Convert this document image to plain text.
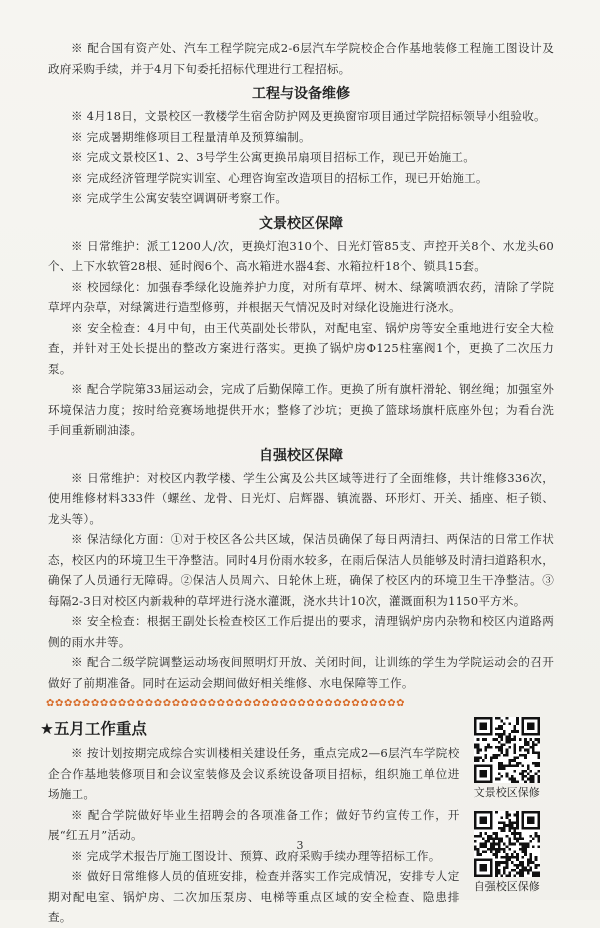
※ 配合国有资产处、汽车工程学院完成2-6层汽车学院校企合作基地装修工程施工图设计及政府采购手续，并于4月下旬委托招标代理进行工程招标。

工程与设备维修

※ 4月18日，文景校区一教楼学生宿舍防护网及更换窗帘项目通过学院招标领导小组验收。

※ 完成暑期维修项目工程量清单及预算编制。

※ 完成文景校区1、2、3号学生公寓更换吊扇项目招标工作，现已开始施工。

※ 完成经济管理学院实训室、心理咨询室改造项目的招标工作，现已开始施工。

※ 完成学生公寓安装空调调研考察工作。

文景校区保障

※ 日常维护：派工1200人/次，更换灯泡310个、日光灯管85支、声控开关8个、水龙头60个、上下水软管28根、延时阀6个、高水箱进水器4套、水箱拉杆18个、锁具15套。

※ 校园绿化：加强春季绿化设施养护力度，对所有草坪、树木、绿篱喷洒农药，清除了学院草坪内杂草，对绿篱进行造型修剪，并根据天气情况及时对绿化设施进行浇水。

※ 安全检查：4月中旬，由王代英副处长带队，对配电室、锅炉房等安全重地进行安全大检查，并针对王处长提出的整改方案进行落实。更换了锅炉房Φ125柱塞阀1个，更换了二次压力泵。

※ 配合学院第33届运动会，完成了后勤保障工作。更换了所有旗杆滑轮、钢丝绳；加强室外环境保洁力度；按时给竞赛场地提供开水；整修了沙坑；更换了篮球场旗杆底座外包；为看台洗手间重新刷油漆。

自强校区保障

※ 日常维护：对校区内教学楼、学生公寓及公共区域等进行了全面维修，共计维修336次，使用维修材料333件（螺丝、龙骨、日光灯、启辉器、镇流器、环形灯、开关、插座、柜子锁、龙头等）。

※ 保洁绿化方面：①对于校区各公共区域，保洁员确保了每日两清扫、两保洁的日常工作状态，校区内的环境卫生干净整洁。同时4月份雨水较多，在雨后保洁人员能够及时清扫道路积水，确保了人员通行无障碍。②保洁人员周六、日轮休上班，确保了校区内的环境卫生干净整洁。③每隔2-3日对校区内新栽种的草坪进行浇水灌溉，浇水共计10次，灌溉面积为1150平方米。

※ 安全检查：根据王副处长检查校区工作后提出的要求，清理锅炉房内杂物和校区内道路两侧的雨水井等。

※ 配合二级学院调整运动场夜间照明灯开放、关闭时间，让训练的学生为学院运动会的召开做好了前期准备。同时在运动会期间做好相关维修、水电保障等工作。

✿✿✿✿✿✿✿✿✿✿✿✿✿✿✿✿✿✿✿✿✿✿✿✿✿✿✿✿✿✿✿✿✿✿✿✿✿✿✿✿
★五月工作重点

※ 按计划按期完成综合实训楼相关建设任务，重点完成2—6层汽车学院校企合作基地装修项目和会议室装修及会议系统设备项目招标，组织施工单位进场施工。

※ 配合学院做好毕业生招聘会的各项准备工作；做好节约宣传工作，开展“红五月”活动。

※ 完成学术报告厅施工图设计、预算、政府采购手续办理等招标工作。

※ 做好日常维修人员的值班安排，检查并落实工作完成情况，安排专人定期对配电室、锅炉房、二次加压泵房、电梯等重点区域的安全检查、隐患排查。

文景校区保修
自强校区保修
3
